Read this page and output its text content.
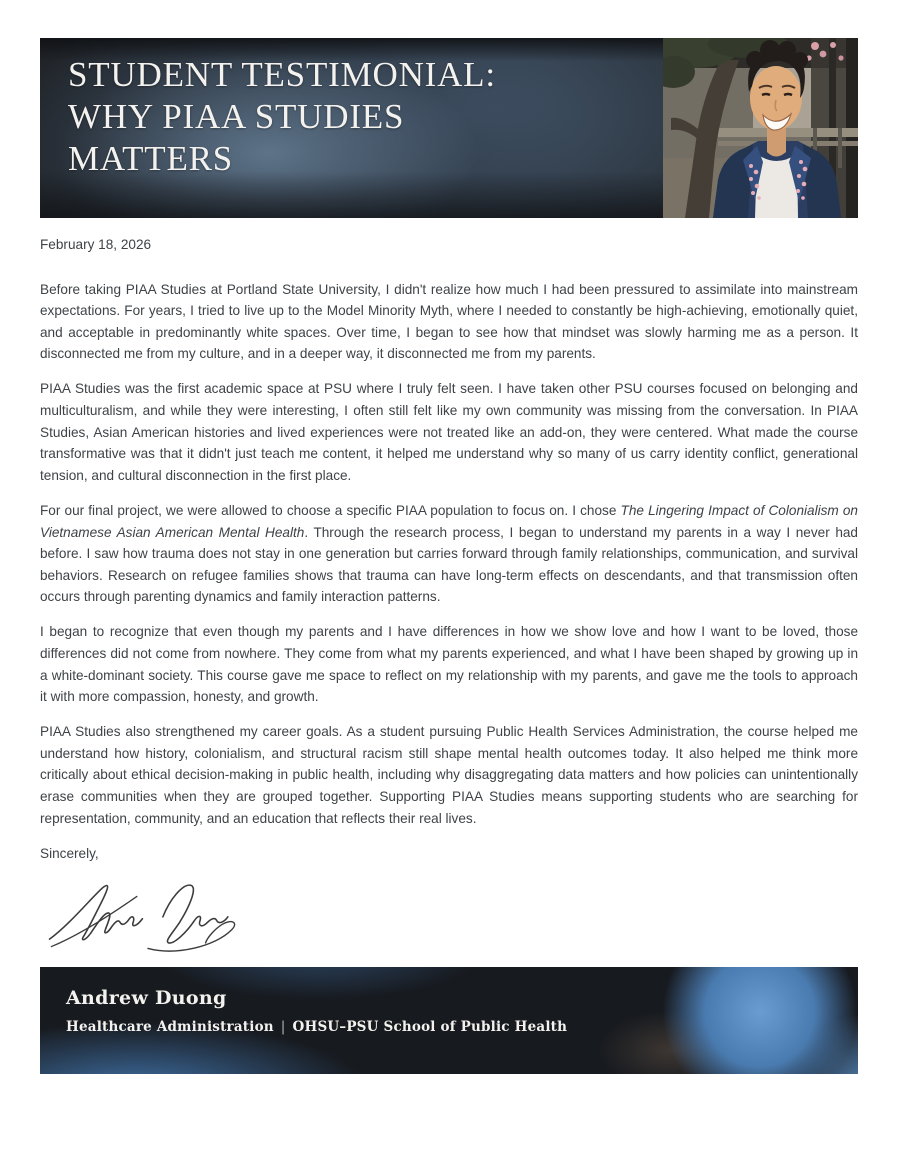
STUDENT TESTIMONIAL:
WHY PIAA STUDIES
MATTERS
February 18, 2026

Before taking PIAA Studies at Portland State University, I didn't realize how much I had been pressured to assimilate into mainstream expectations. For years, I tried to live up to the Model Minority Myth, where I needed to constantly be high-achieving, emotionally quiet, and acceptable in predominantly white spaces. Over time, I began to see how that mindset was slowly harming me as a person. It disconnected me from my culture, and in a deeper way, it disconnected me from my parents.

PIAA Studies was the first academic space at PSU where I truly felt seen. I have taken other PSU courses focused on belonging and multiculturalism, and while they were interesting, I often still felt like my own community was missing from the conversation. In PIAA Studies, Asian American histories and lived experiences were not treated like an add-on, they were centered. What made the course transformative was that it didn't just teach me content, it helped me understand why so many of us carry identity conflict, generational tension, and cultural disconnection in the first place.

For our final project, we were allowed to choose a specific PIAA population to focus on. I chose The Lingering Impact of Colonialism on Vietnamese Asian American Mental Health. Through the research process, I began to understand my parents in a way I never had before. I saw how trauma does not stay in one generation but carries forward through family relationships, communication, and survival behaviors. Research on refugee families shows that trauma can have long-term effects on descendants, and that transmission often occurs through parenting dynamics and family interaction patterns.

I began to recognize that even though my parents and I have differences in how we show love and how I want to be loved, those differences did not come from nowhere. They come from what my parents experienced, and what I have been shaped by growing up in a white-dominant society. This course gave me space to reflect on my relationship with my parents, and gave me the tools to approach it with more compassion, honesty, and growth.

PIAA Studies also strengthened my career goals. As a student pursuing Public Health Services Administration, the course helped me understand how history, colonialism, and structural racism still shape mental health outcomes today. It also helped me think more critically about ethical decision-making in public health, including why disaggregating data matters and how policies can unintentionally erase communities when they are grouped together. Supporting PIAA Studies means supporting students who are searching for representation, community, and an education that reflects their real lives.

Sincerely,

Andrew Duong
Healthcare Administration | OHSU–PSU School of Public Health
